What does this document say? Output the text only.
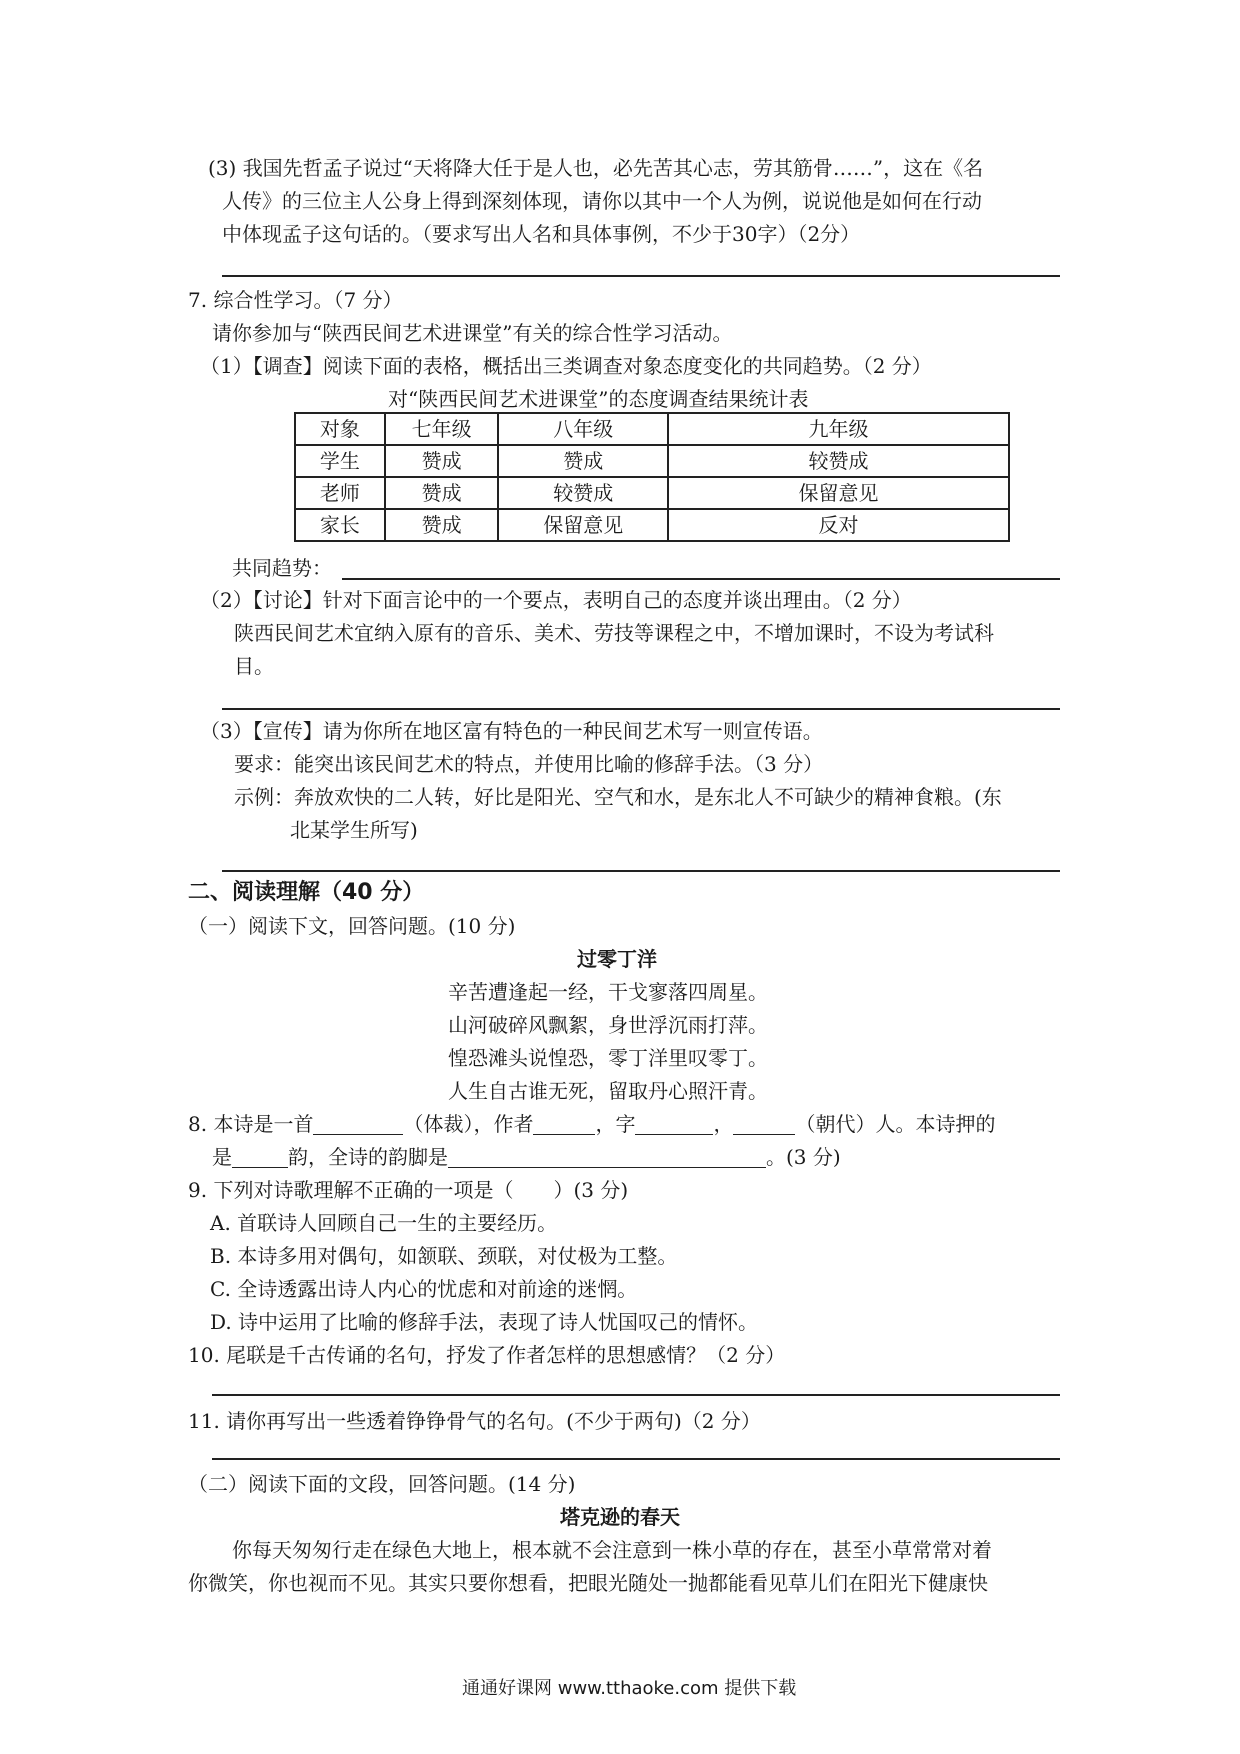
(3) 我国先哲孟子说过“天将降大任于是人也，必先苦其心志，劳其筋骨……”，这在《名
人传》的三位主人公身上得到深刻体现，请你以其中一个人为例，说说他是如何在行动
中体现孟子这句话的。（要求写出人名和具体事例，不少于30字）（2分）
7. 综合性学习。（7 分）
请你参加与“陕西民间艺术进课堂”有关的综合性学习活动。
（1）【调查】阅读下面的表格，概括出三类调查对象态度变化的共同趋势。（2 分）
对“陕西民间艺术进课堂”的态度调查结果统计表
对象	七年级	八年级	九年级
学生	赞成	赞成	较赞成
老师	赞成	较赞成	保留意见
家长	赞成	保留意见	反对
共同趋势：
（2）【讨论】针对下面言论中的一个要点，表明自己的态度并谈出理由。（2 分）
陕西民间艺术宜纳入原有的音乐、美术、劳技等课程之中，不增加课时，不设为考试科
目。
（3）【宣传】请为你所在地区富有特色的一种民间艺术写一则宣传语。
要求：能突出该民间艺术的特点，并使用比喻的修辞手法。（3 分）
示例：奔放欢快的二人转，好比是阳光、空气和水，是东北人不可缺少的精神食粮。(东
北某学生所写)
二、阅读理解（40 分）
（一）阅读下文，回答问题。(10 分)
过零丁洋
辛苦遭逢起一经，干戈寥落四周星。
山河破碎风飘絮，身世浮沉雨打萍。
惶恐滩头说惶恐，零丁洋里叹零丁。
人生自古谁无死，留取丹心照汗青。
8. 本诗是一首	（体裁），作者	，字	，	（朝代）人。本诗押的
是	韵，全诗的韵脚是	。(3 分)
9. 下列对诗歌理解不正确的一项是（　　）(3 分)
A. 首联诗人回顾自己一生的主要经历。
B. 本诗多用对偶句，如颔联、颈联，对仗极为工整。
C. 全诗透露出诗人内心的忧虑和对前途的迷惘。
D. 诗中运用了比喻的修辞手法，表现了诗人忧国叹己的情怀。
10. 尾联是千古传诵的名句，抒发了作者怎样的思想感情？（2 分）
11. 请你再写出一些透着铮铮骨气的名句。(不少于两句)（2 分）
（二）阅读下面的文段，回答问题。(14 分)
塔克逊的春天
你每天匆匆行走在绿色大地上，根本就不会注意到一株小草的存在，甚至小草常常对着
你微笑，你也视而不见。其实只要你想看，把眼光随处一抛都能看见草儿们在阳光下健康快
通通好课网 www.tthaoke.com 提供下载
